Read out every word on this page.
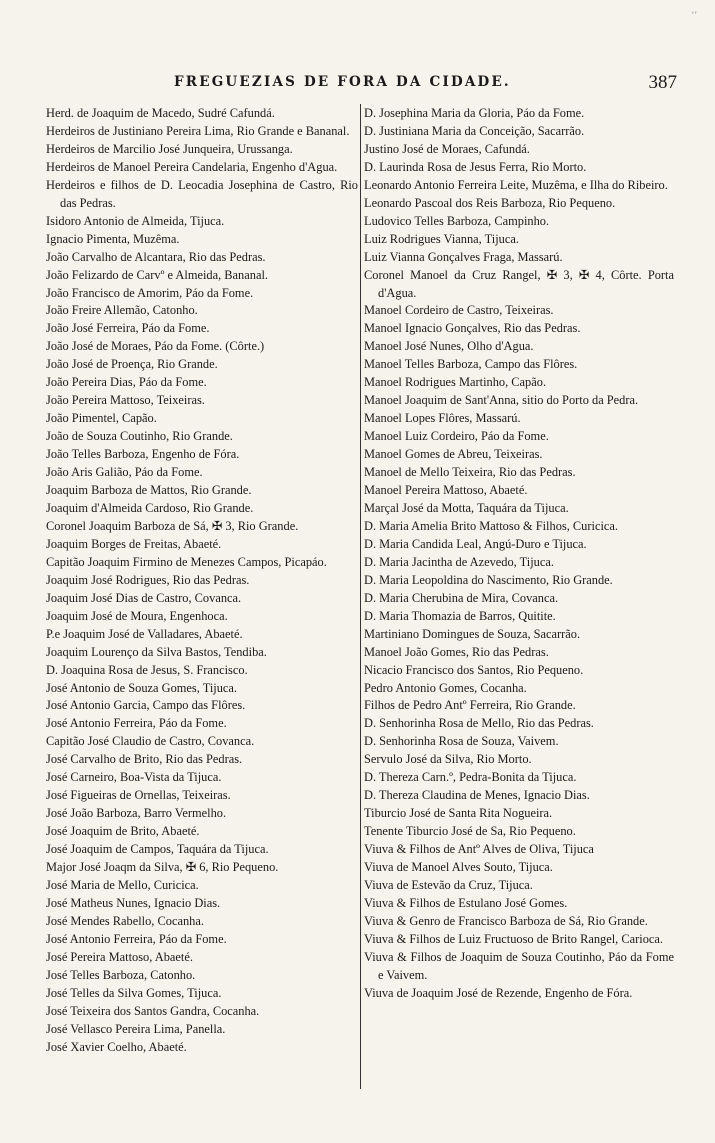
ʻʼ
FREGUEZIAS DE FORA DA CIDADE.	387
Herd. de Joaquim de Macedo, Sudré Cafundá.
Herdeiros de Justiniano Pereira Lima, Rio Grande e Bananal.
Herdeiros de Marcilio José Junqueira, Urussanga.
Herdeiros de Manoel Pereira Candelaria, Engenho d'Agua.
Herdeiros e filhos de D. Leocadia Josephina de Castro, Rio das Pedras.
Isidoro Antonio de Almeida, Tijuca.
Ignacio Pimenta, Muzêma.
João Carvalho de Alcantara, Rio das Pedras.
João Felizardo de Carvº e Almeida, Bananal.
João Francisco de Amorim, Páo da Fome.
João Freire Allemão, Catonho.
João José Ferreira, Páo da Fome.
João José de Moraes, Páo da Fome. (Côrte.)
João José de Proença, Rio Grande.
João Pereira Dias, Páo da Fome.
João Pereira Mattoso, Teixeiras.
João Pimentel, Capão.
João de Souza Coutinho, Rio Grande.
João Telles Barboza, Engenho de Fóra.
João Aris Galião, Páo da Fome.
Joaquim Barboza de Mattos, Rio Grande.
Joaquim d'Almeida Cardoso, Rio Grande.
Coronel Joaquim Barboza de Sá, ✠ 3, Rio Grande.
Joaquim Borges de Freitas, Abaeté.
Capitão Joaquim Firmino de Menezes Campos, Picapáo.
Joaquim José Rodrigues, Rio das Pedras.
Joaquim José Dias de Castro, Covanca.
Joaquim José de Moura, Engenhoca.
P.e Joaquim José de Valladares, Abaeté.
Joaquim Lourenço da Silva Bastos, Tendiba.
D. Joaquina Rosa de Jesus, S. Francisco.
José Antonio de Souza Gomes, Tijuca.
José Antonio Garcia, Campo das Flôres.
José Antonio Ferreira, Páo da Fome.
Capitão José Claudio de Castro, Covanca.
José Carvalho de Brito, Rio das Pedras.
José Carneiro, Boa-Vista da Tijuca.
José Figueiras de Ornellas, Teixeiras.
José João Barboza, Barro Vermelho.
José Joaquim de Brito, Abaeté.
José Joaquim de Campos, Taquára da Tijuca.
Major José Joaqm da Silva, ✠ 6, Rio Pequeno.
José Maria de Mello, Curicica.
José Matheus Nunes, Ignacio Dias.
José Mendes Rabello, Cocanha.
José Antonio Ferreira, Páo da Fome.
José Pereira Mattoso, Abaeté.
José Telles Barboza, Catonho.
José Telles da Silva Gomes, Tijuca.
José Teixeira dos Santos Gandra, Cocanha.
José Vellasco Pereira Lima, Panella.
José Xavier Coelho, Abaeté.
D. Josephina Maria da Gloria, Páo da Fome.
D. Justiniana Maria da Conceição, Sacarrão.
Justino José de Moraes, Cafundá.
D. Laurinda Rosa de Jesus Ferra, Rio Morto.
Leonardo Antonio Ferreira Leite, Muzêma, e Ilha do Ribeiro.
Leonardo Pascoal dos Reis Barboza, Rio Pequeno.
Ludovico Telles Barboza, Campinho.
Luiz Rodrigues Vianna, Tijuca.
Luiz Vianna Gonçalves Fraga, Massarú.
Coronel Manoel da Cruz Rangel, ✠ 3, ✠ 4, Côrte. Porta d'Agua.
Manoel Cordeiro de Castro, Teixeiras.
Manoel Ignacio Gonçalves, Rio das Pedras.
Manoel José Nunes, Olho d'Agua.
Manoel Telles Barboza, Campo das Flôres.
Manoel Rodrigues Martinho, Capão.
Manoel Joaquim de Sant'Anna, sitio do Porto da Pedra.
Manoel Lopes Flôres, Massarú.
Manoel Luiz Cordeiro, Páo da Fome.
Manoel Gomes de Abreu, Teixeiras.
Manoel de Mello Teixeira, Rio das Pedras.
Manoel Pereira Mattoso, Abaeté.
Marçal José da Motta, Taquára da Tijuca.
D. Maria Amelia Brito Mattoso & Filhos, Curicica.
D. Maria Candida Leal, Angú-Duro e Tijuca.
D. Maria Jacintha de Azevedo, Tijuca.
D. Maria Leopoldina do Nascimento, Rio Grande.
D. Maria Cherubina de Mira, Covanca.
D. Maria Thomazia de Barros, Quitite.
Martiniano Domingues de Souza, Sacarrão.
Manoel João Gomes, Rio das Pedras.
Nicacio Francisco dos Santos, Rio Pequeno.
Pedro Antonio Gomes, Cocanha.
Filhos de Pedro Antº Ferreira, Rio Grande.
D. Senhorinha Rosa de Mello, Rio das Pedras.
D. Senhorinha Rosa de Souza, Vaivem.
Servulo José da Silva, Rio Morto.
D. Thereza Carn.º, Pedra-Bonita da Tijuca.
D. Thereza Claudina de Menes, Ignacio Dias.
Tiburcio José de Santa Rita Nogueira.
Tenente Tiburcio José de Sa, Rio Pequeno.
Viuva & Filhos de Antº Alves de Oliva, Tijuca
Viuva de Manoel Alves Souto, Tijuca.
Viuva de Estevão da Cruz, Tijuca.
Viuva & Filhos de Estulano José Gomes.
Viuva & Genro de Francisco Barboza de Sá, Rio Grande.
Viuva & Filhos de Luiz Fructuoso de Brito Rangel, Carioca.
Viuva & Filhos de Joaquim de Souza Coutinho, Páo da Fome e Vaivem.
Viuva de Joaquim José de Rezende, Engenho de Fóra.
